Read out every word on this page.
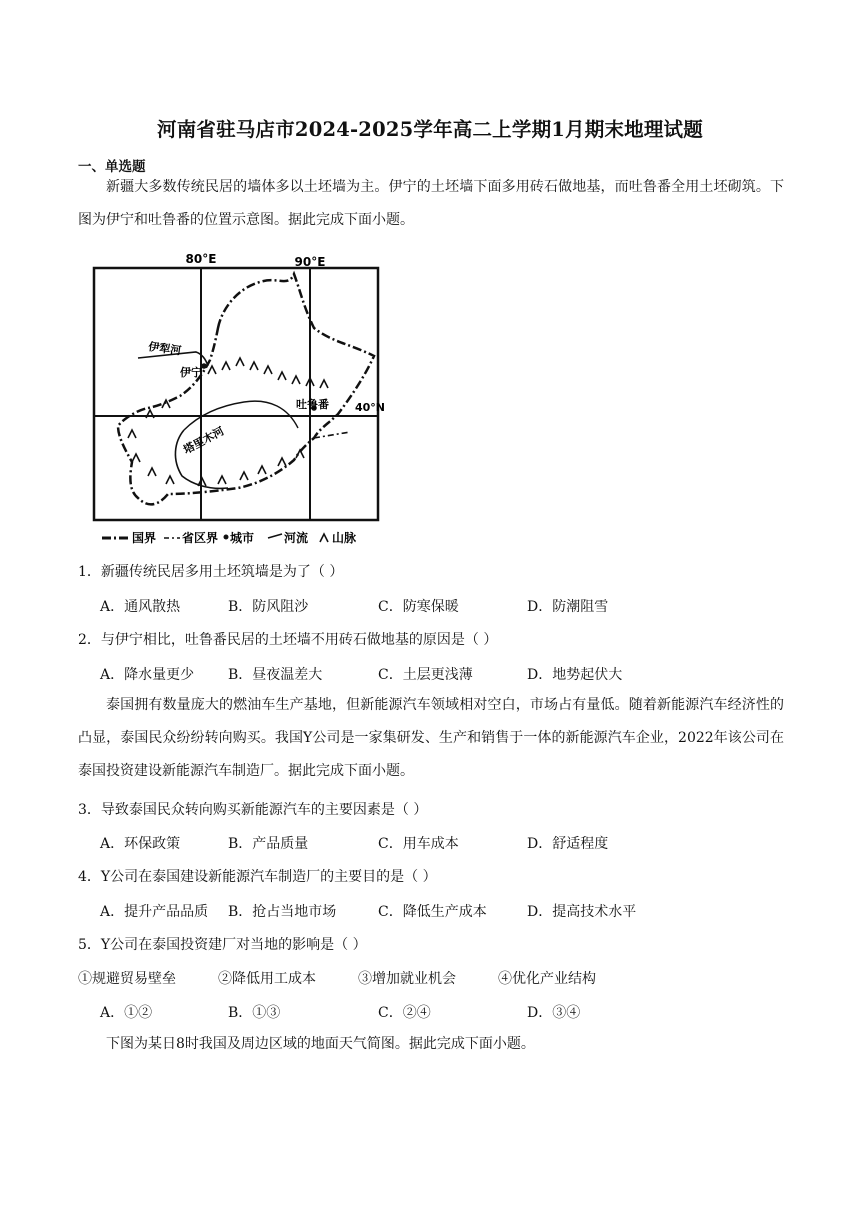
河南省驻马店市2024-2025学年高二上学期1月期末地理试题
一、单选题
新疆大多数传统民居的墙体多以土坯墙为主。伊宁的土坯墙下面多用砖石做地基，而吐鲁番全用土坯砌筑。下图为伊宁和吐鲁番的位置示意图。据此完成下面小题。
80°E	90°E
40°N
伊犁河
伊宁
吐鲁番
塔里木河
国界 省区界 城市 河流 山脉
1．新疆传统民居多用土坯筑墙是为了（ ）
A．通风散热	B．防风阻沙	C．防寒保暖	D．防潮阻雪
2．与伊宁相比，吐鲁番民居的土坯墙不用砖石做地基的原因是（ ）
A．降水量更少 B．昼夜温差大	C．土层更浅薄	D．地势起伏大
泰国拥有数量庞大的燃油车生产基地，但新能源汽车领域相对空白，市场占有量低。随着新能源汽车经济性的凸显，泰国民众纷纷转向购买。我国Y公司是一家集研发、生产和销售于一体的新能源汽车企业，2022年该公司在泰国投资建设新能源汽车制造厂。据此完成下面小题。
3．导致泰国民众转向购买新能源汽车的主要因素是（ ）
A．环保政策	B．产品质量	C．用车成本	D．舒适程度
4．Y公司在泰国建设新能源汽车制造厂的主要目的是（ ）
A．提升产品品质 B．抢占当地市场	C．降低生产成本	D．提高技术水平
5．Y公司在泰国投资建厂对当地的影响是（ ）
①规避贸易壁垒	②降低用工成本	③增加就业机会	④优化产业结构
A．①②	B．①③	C．②④	D．③④
下图为某日8时我国及周边区域的地面天气简图。据此完成下面小题。
